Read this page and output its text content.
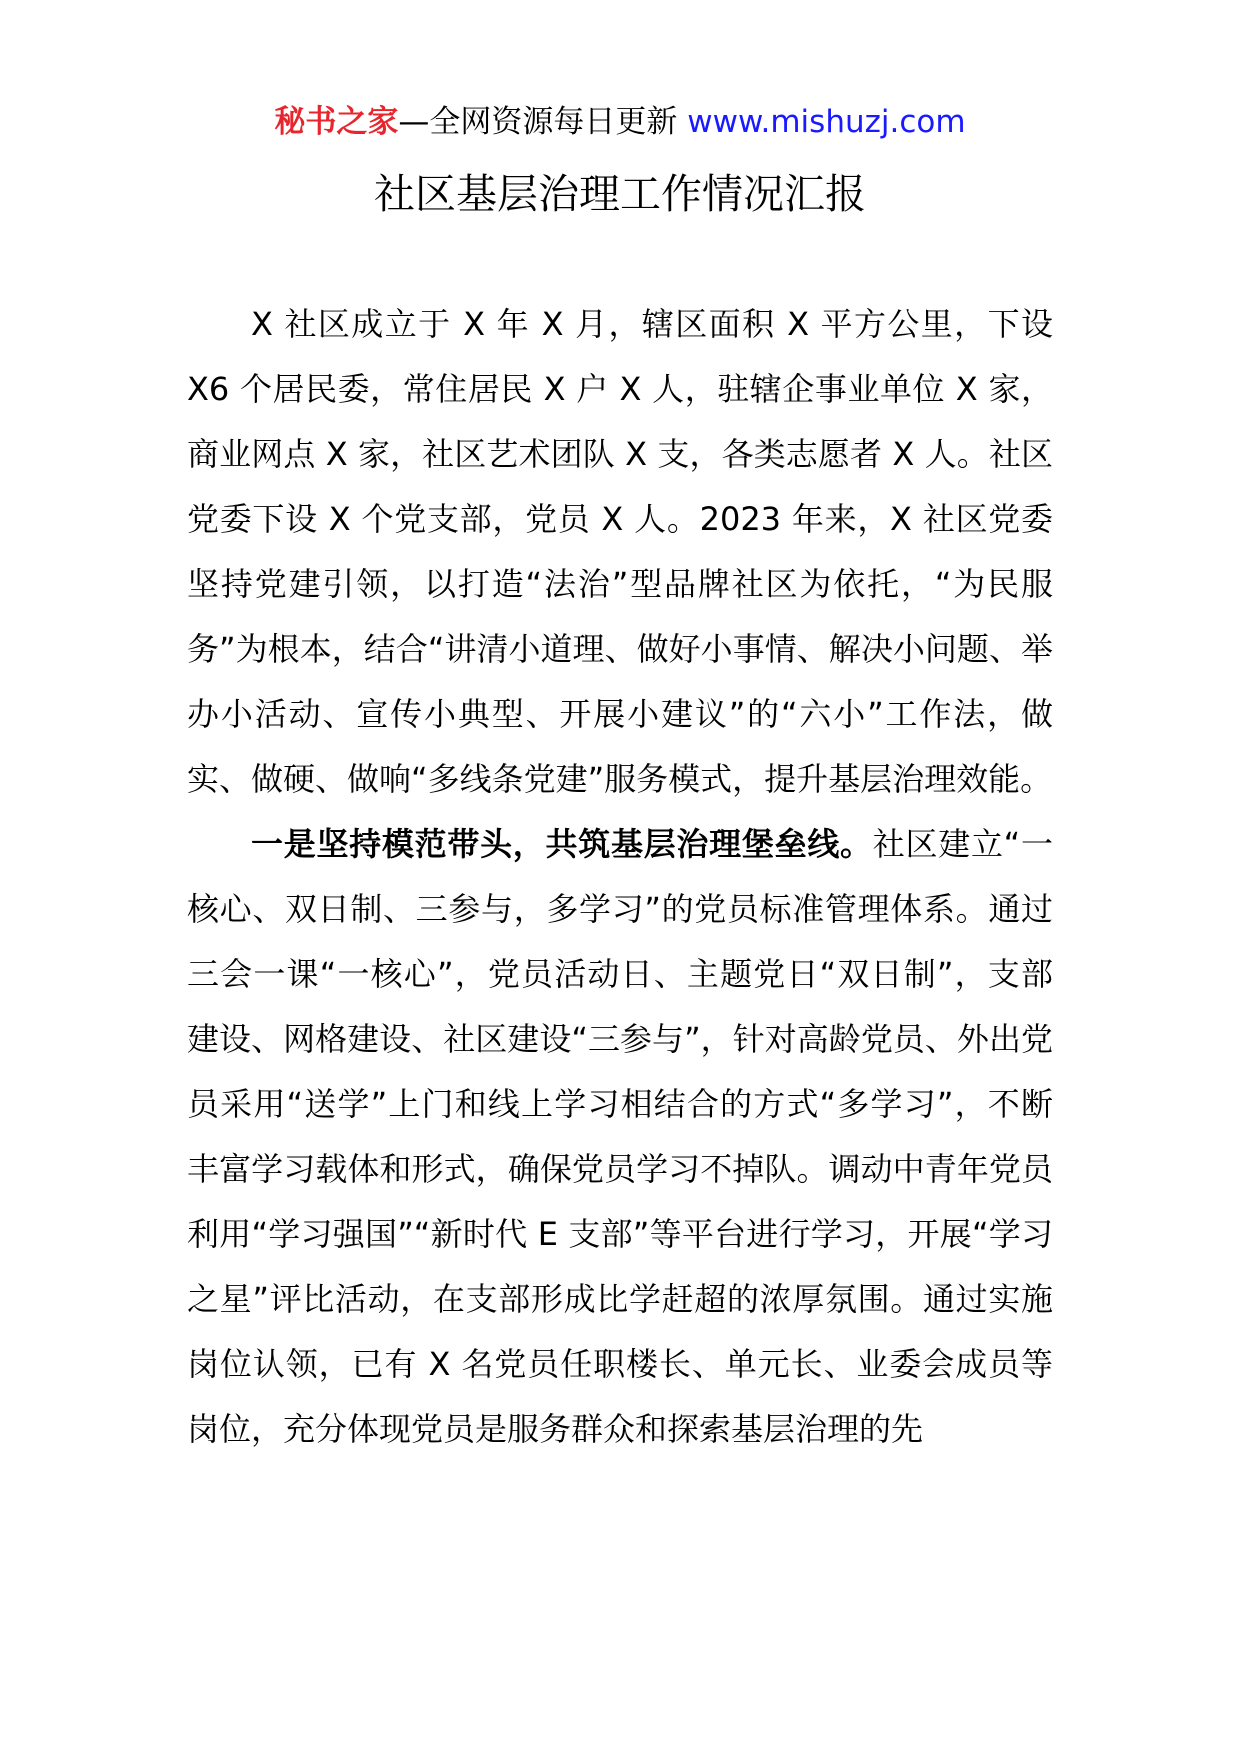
秘书之家—全网资源每日更新 www.mishuzj.com
社区基层治理工作情况汇报

X 社区成立于 X 年 X 月，辖区面积 X 平方公里，下设 X6 个居民委，常住居民 X 户 X 人，驻辖企事业单位 X 家，商业网点 X 家，社区艺术团队 X 支，各类志愿者 X 人。社区党委下设 X 个党支部，党员 X 人。2023 年来，X 社区党委坚持党建引领，以打造“法治”型品牌社区为依托，“为民服务”为根本，结合“讲清小道理、做好小事情、解决小问题、举办小活动、宣传小典型、开展小建议”的“六小”工作法，做实、做硬、做响“多线条党建”服务模式，提升基层治理效能。

一是坚持模范带头，共筑基层治理堡垒线。社区建立“一核心、双日制、三参与，多学习”的党员标准管理体系。通过三会一课“一核心”，党员活动日、主题党日“双日制”，支部建设、网格建设、社区建设“三参与”，针对高龄党员、外出党员采用“送学”上门和线上学习相结合的方式“多学习”，不断丰富学习载体和形式，确保党员学习不掉队。调动中青年党员利用“学习强国”“新时代 E 支部”等平台进行学习，开展“学习之星”评比活动，在支部形成比学赶超的浓厚氛围。通过实施岗位认领，已有 X 名党员任职楼长、单元长、业委会成员等岗位，充分体现党员是服务群众和探索基层治理的先
